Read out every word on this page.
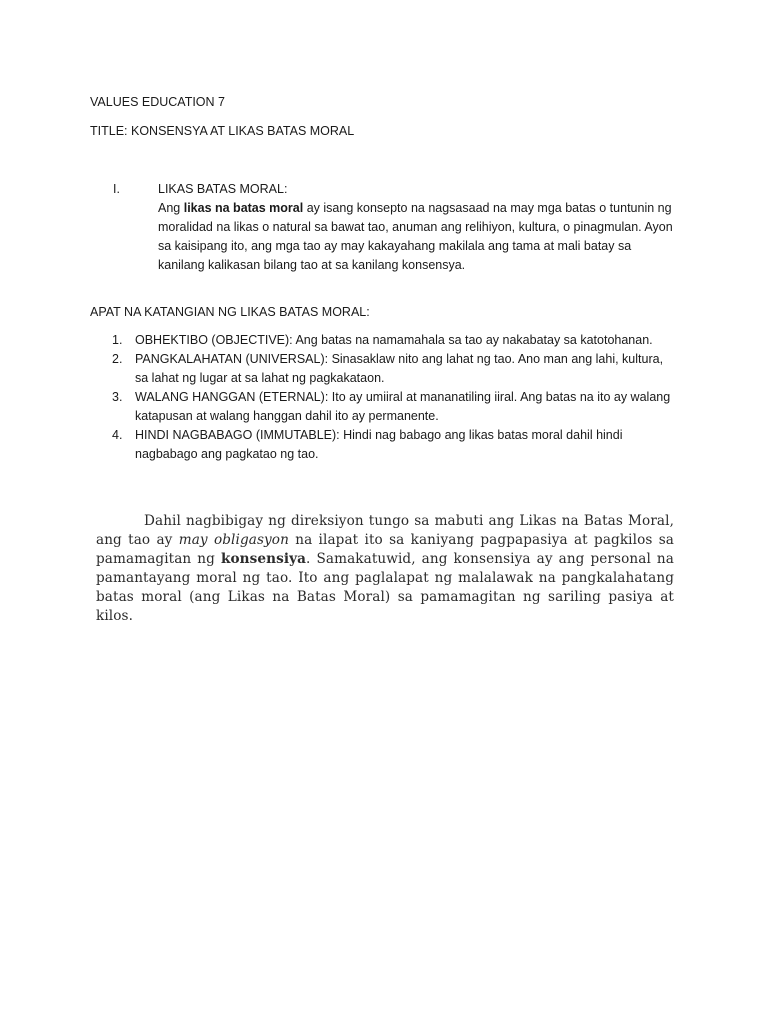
VALUES EDUCATION 7
TITLE: KONSENSYA AT LIKAS BATAS MORAL
I.	LIKAS BATAS MORAL:
Ang likas na batas moral ay isang konsepto na nagsasaad na may mga batas o tuntunin ng moralidad na likas o natural sa bawat tao, anuman ang relihiyon, kultura, o pinagmulan. Ayon sa kaisipang ito, ang mga tao ay may kakayahang makilala ang tama at mali batay sa kanilang kalikasan bilang tao at sa kanilang konsensya.
APAT NA KATANGIAN NG LIKAS BATAS MORAL:
1. OBHEKTIBO (OBJECTIVE): Ang batas na namamahala sa tao ay nakabatay sa katotohanan.
2. PANGKALAHATAN (UNIVERSAL): Sinasaklaw nito ang lahat ng tao. Ano man ang lahi, kultura, sa lahat ng lugar at sa lahat ng pagkakataon.
3. WALANG HANGGAN (ETERNAL): Ito ay umiiral at mananatiling iiral. Ang batas na ito ay walang katapusan at walang hanggan dahil ito ay permanente.
4. HINDI NAGBABAGO (IMMUTABLE): Hindi nag babago ang likas batas moral dahil hindi nagbabago ang pagkatao ng tao.
Dahil nagbibigay ng direksiyon tungo sa mabuti ang Likas na Batas Moral, ang tao ay may obligasyon na ilapat ito sa kaniyang pagpapasiya at pagkilos sa pamamagitan ng konsensiya. Samakatuwid, ang konsensiya ay ang personal na pamantayang moral ng tao. Ito ang paglalapat ng malalawak na pangkalahatang batas moral (ang Likas na Batas Moral) sa pamamagitan ng sariling pasiya at kilos.
